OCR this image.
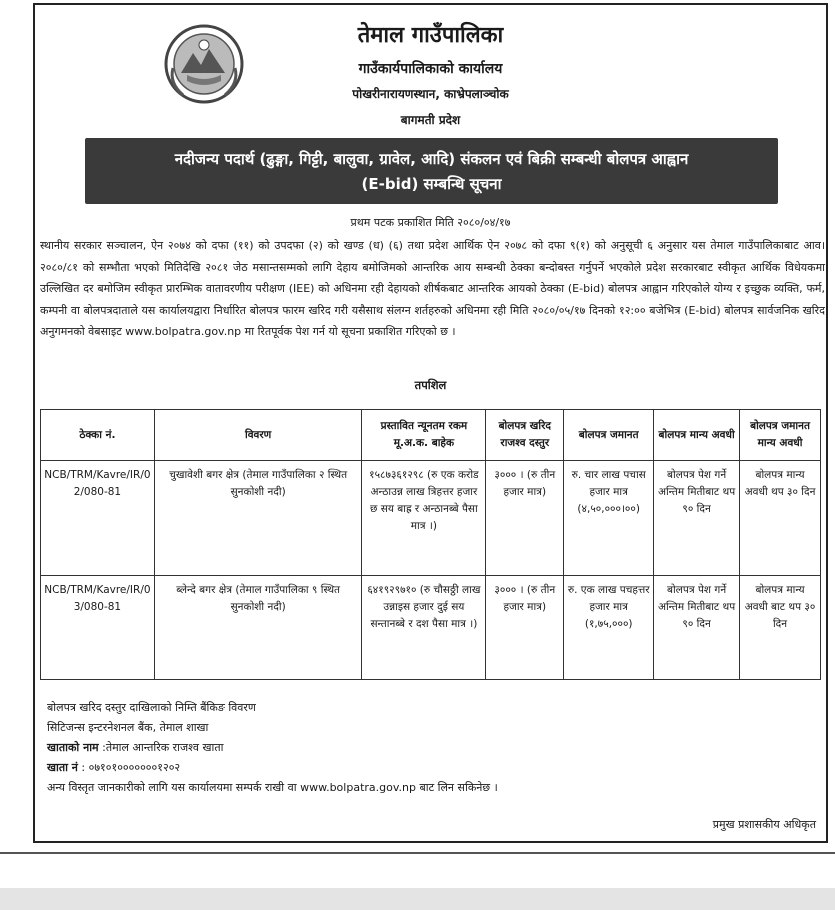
तेमाल गाउँपालिका
गाउँकार्यपालिकाको कार्यालय
पोखरीनारायणस्थान, काभ्रेपलाञ्चोक
बागमती प्रदेश
नदीजन्य पदार्थ (ढुङ्गा, गिट्टी, बालुवा, ग्रावेल, आदि) संकलन एवं बिक्री सम्बन्धी बोलपत्र आह्वान
(E-bid) सम्बन्धि सूचना
प्रथम पटक प्रकाशित मिति २०८०/०४/१७
स्थानीय सरकार सञ्चालन, ऐन २०७४ को दफा (११) को उपदफा (२) को खण्ड (ध) (६) तथा प्रदेश आर्थिक ऐन २०७८ को दफा ९(१) को अनुसूची ६ अनुसार यस तेमाल गाउँपालिकाबाट आव। २०८०/८१ को सम्भौता भएको मितिदेखि २०८१ जेठ मसान्तसम्मको लागि देहाय बमोजिमको आन्तरिक आय सम्बन्धी ठेक्का बन्दोबस्त गर्नुपर्ने भएकोले प्रदेश सरकारबाट स्वीकृत आर्थिक विधेयकमा उल्लिखित दर बमोजिम स्वीकृत प्रारम्भिक वातावरणीय परीक्षण (IEE) को अधिनमा रही देहायको शीर्षकबाट आन्तरिक आयको ठेक्का (E-bid) बोलपत्र आह्वान गरिएकोले योग्य र इच्छुक व्यक्ति, फर्म, कम्पनी वा बोलपत्रदाताले यस कार्यालयद्वारा निर्धारित बोलपत्र फारम खरिद गरी यसैसाथ संलग्न शर्तहरुको अधिनमा रही मिति २०८०/०५/१७ दिनको १२:०० बजेभित्र (E-bid) बोलपत्र सार्वजनिक खरिद अनुगमनको वेबसाइट www.bolpatra.gov.np मा रितपूर्वक पेश गर्न यो सूचना प्रकाशित गरिएको छ ।
तपशिल
ठेक्का नं.	विवरण	प्रस्तावित न्यूनतम रकम मू.अ.क. बाहेक	बोलपत्र खरिद राजश्व दस्तुर	बोलपत्र जमानत	बोलपत्र मान्य अवधी	बोलपत्र जमानत मान्य अवधी
NCB/TRM/Kavre/IR/02/080-81	चुखावेशी बगर क्षेत्र (तेमाल गाउँपालिका २ स्थित सुनकोशी नदी)	१५८७३६१२९८ (रु एक करोड अन्ठाउन्न लाख त्रिहत्तर हजार छ सय बाह्र र अन्ठानब्बे पैसा मात्र ।)	३००० । (रु तीन हजार मात्र)	रु. चार लाख पचास हजार मात्र (४,५०,०००।००)	बोलपत्र पेश गर्ने अन्तिम मितीबाट थप ९० दिन	बोलपत्र मान्य अवधी थप ३० दिन
NCB/TRM/Kavre/IR/03/080-81	ब्लेन्दे बगर क्षेत्र (तेमाल गाउँपालिका ९ स्थित सुनकोशी नदी)	६४१९२९७१० (रु चौसठ्ठी लाख उन्नाइस हजार दुई सय सन्तानब्बे र दश पैसा मात्र ।)	३००० । (रु तीन हजार मात्र)	रु. एक लाख पचहत्तर हजार मात्र (१,७५,०००)	बोलपत्र पेश गर्ने अन्तिम मितीबाट थप ९० दिन	बोलपत्र मान्य अवधी बाट थप ३० दिन
बोलपत्र खरिद दस्तुर दाखिलाको निम्ति बैंकिङ विवरण
सिटिजन्स इन्टरनेशनल बैंक, तेमाल शाखा
खाताको नाम :तेमाल आन्तरिक राजश्व खाता
खाता नं : ०७१०१०००००००१२०२
अन्य विस्तृत जानकारीको लागि यस कार्यालयमा सम्पर्क राखी वा www.bolpatra.gov.np बाट लिन सकिनेछ ।
प्रमुख प्रशासकीय अधिकृत
